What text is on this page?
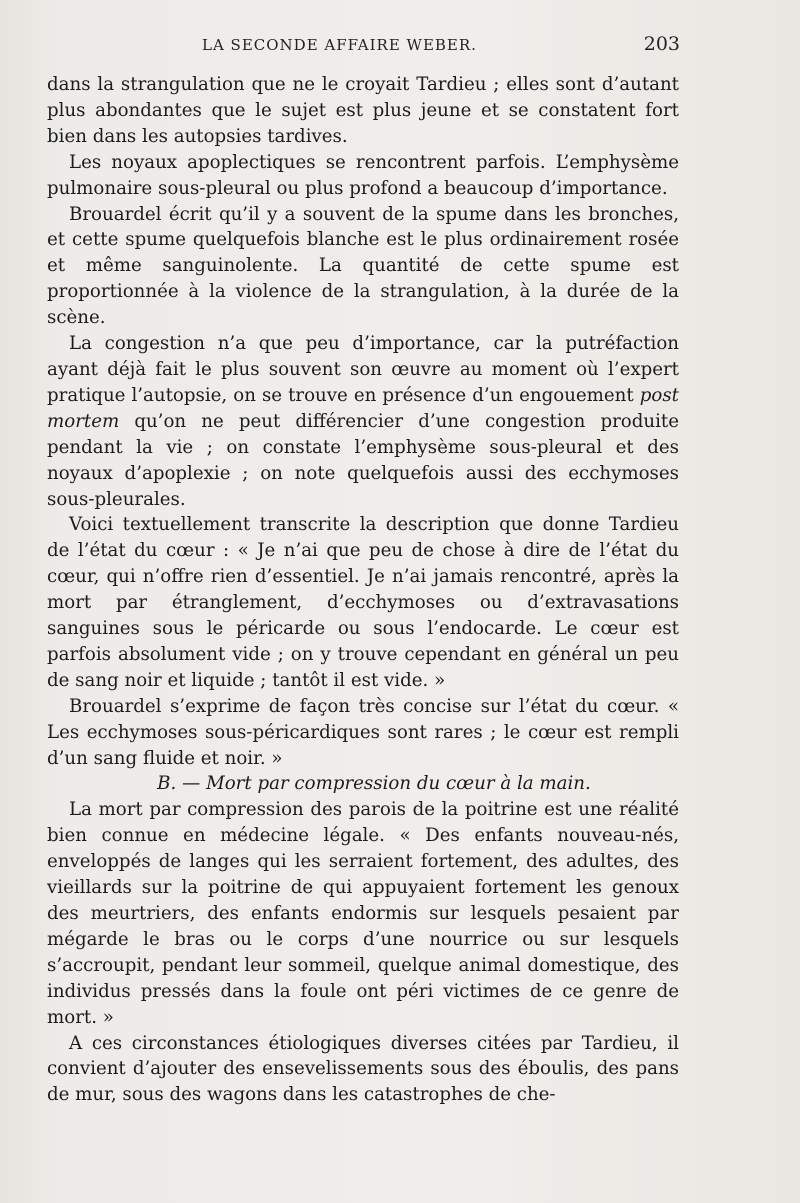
LA SECONDE AFFAIRE WEBER.	203

dans la strangulation que ne le croyait Tardieu ; elles sont d’autant plus abondantes que le sujet est plus jeune et se constatent fort bien dans les autopsies tardives.

Les noyaux apoplectiques se rencontrent parfois. L’emphysème pulmonaire sous-pleural ou plus profond a beaucoup d’importance.

Brouardel écrit qu’il y a souvent de la spume dans les bronches, et cette spume quelquefois blanche est le plus ordinairement rosée et même sanguinolente. La quantité de cette spume est proportionnée à la violence de la strangulation, à la durée de la scène.

La congestion n’a que peu d’importance, car la putréfaction ayant déjà fait le plus souvent son œuvre au moment où l’expert pratique l’autopsie, on se trouve en présence d’un engouement post mortem qu’on ne peut différencier d’une congestion produite pendant la vie ; on constate l’emphysème sous-pleural et des noyaux d’apoplexie ; on note quelquefois aussi des ecchymoses sous-pleurales.

Voici textuellement transcrite la description que donne Tardieu de l’état du cœur : « Je n’ai que peu de chose à dire de l’état du cœur, qui n’offre rien d’essentiel. Je n’ai jamais rencontré, après la mort par étranglement, d’ecchymoses ou d’extravasations sanguines sous le péricarde ou sous l’endocarde. Le cœur est parfois absolument vide ; on y trouve cependant en général un peu de sang noir et liquide ; tantôt il est vide. »

Brouardel s’exprime de façon très concise sur l’état du cœur. « Les ecchymoses sous-péricardiques sont rares ; le cœur est rempli d’un sang fluide et noir. »

B. — Mort par compression du cœur à la main.

La mort par compression des parois de la poitrine est une réalité bien connue en médecine légale. « Des enfants nouveau-nés, enveloppés de langes qui les serraient fortement, des adultes, des vieillards sur la poitrine de qui appuyaient fortement les genoux des meurtriers, des enfants endormis sur lesquels pesaient par mégarde le bras ou le corps d’une nourrice ou sur lesquels s’accroupit, pendant leur sommeil, quelque animal domestique, des individus pressés dans la foule ont péri victimes de ce genre de mort. »

A ces circonstances étiologiques diverses citées par Tardieu, il convient d’ajouter des ensevelissements sous des éboulis, des pans de mur, sous des wagons dans les catastrophes de che-
